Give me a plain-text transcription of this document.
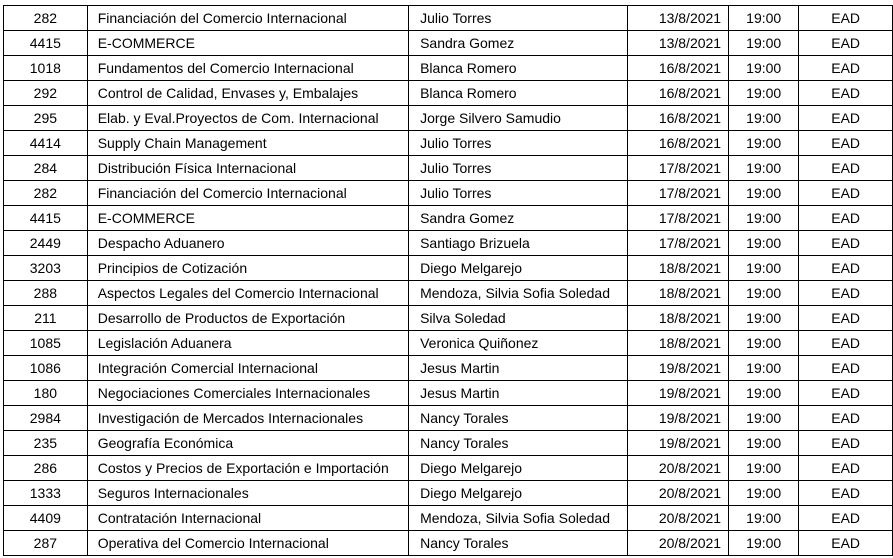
282	Financiación del Comercio Internacional	Julio Torres	13/8/2021	19:00	EAD
4415	E-COMMERCE	Sandra Gomez	13/8/2021	19:00	EAD
1018	Fundamentos del Comercio Internacional	Blanca Romero	16/8/2021	19:00	EAD
292	Control de Calidad, Envases y, Embalajes	Blanca Romero	16/8/2021	19:00	EAD
295	Elab. y Eval.Proyectos de Com. Internacional	Jorge Silvero Samudio	16/8/2021	19:00	EAD
4414	Supply Chain Management	Julio Torres	16/8/2021	19:00	EAD
284	Distribución Física Internacional	Julio Torres	17/8/2021	19:00	EAD
282	Financiación del Comercio Internacional	Julio Torres	17/8/2021	19:00	EAD
4415	E-COMMERCE	Sandra Gomez	17/8/2021	19:00	EAD
2449	Despacho Aduanero	Santiago Brizuela	17/8/2021	19:00	EAD
3203	Principios de Cotización	Diego Melgarejo	18/8/2021	19:00	EAD
288	Aspectos Legales del Comercio Internacional	Mendoza, Silvia Sofia Soledad	18/8/2021	19:00	EAD
211	Desarrollo de Productos de Exportación	Silva Soledad	18/8/2021	19:00	EAD
1085	Legislación Aduanera	Veronica Quiñonez	18/8/2021	19:00	EAD
1086	Integración Comercial Internacional	Jesus Martin	19/8/2021	19:00	EAD
180	Negociaciones Comerciales Internacionales	Jesus Martin	19/8/2021	19:00	EAD
2984	Investigación de Mercados Internacionales	Nancy Torales	19/8/2021	19:00	EAD
235	Geografía Económica	Nancy Torales	19/8/2021	19:00	EAD
286	Costos y Precios de Exportación e Importación	Diego Melgarejo	20/8/2021	19:00	EAD
1333	Seguros Internacionales	Diego Melgarejo	20/8/2021	19:00	EAD
4409	Contratación Internacional	Mendoza, Silvia Sofia Soledad	20/8/2021	19:00	EAD
287	Operativa del Comercio Internacional	Nancy Torales	20/8/2021	19:00	EAD
